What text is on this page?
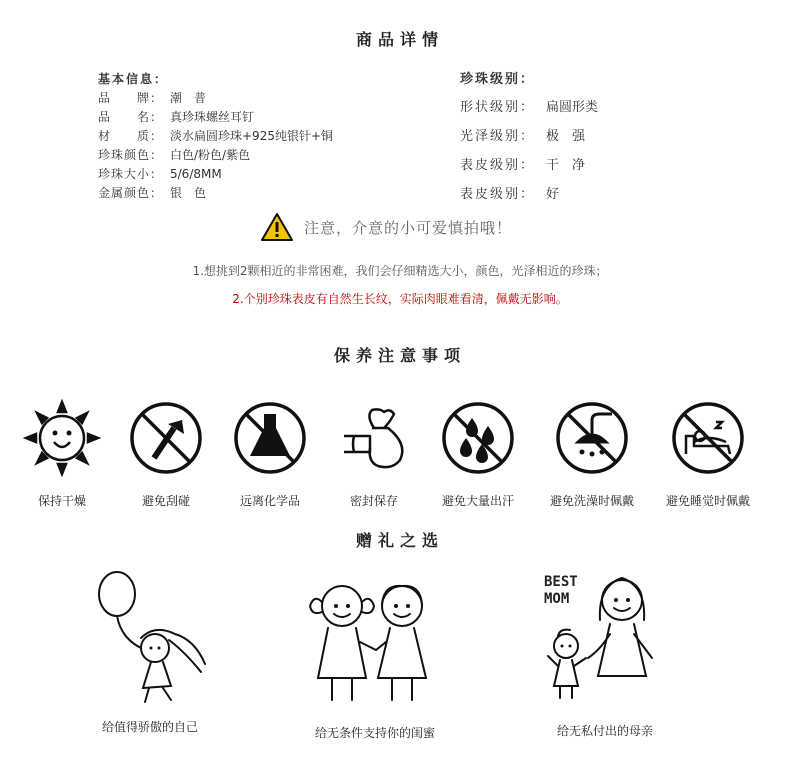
商品详情
基本信息：
品　　牌： 潮　普
品　　名： 真珍珠螺丝耳钉
材　　质： 淡水扁圆珍珠+925纯银针+铜
珍珠颜色： 白色/粉色/紫色
珍珠大小： 5/6/8MM
金属颜色： 银　色
珍珠级别：
形状级别： 扁圆形类
光泽级别： 极　强
表皮级别： 干　净
表皮级别： 好
注意，介意的小可爱慎拍哦！
1.想挑到2颗相近的非常困难，我们会仔细精选大小，颜色，光泽相近的珍珠；
2.个别珍珠表皮有自然生长纹，实际肉眼难看清，佩戴无影响。
保养注意事项
保持干燥	避免刮碰	远离化学品	密封保存	避免大量出汗	避免洗澡时佩戴	避免睡觉时佩戴
赠礼之选
给值得骄傲的自己	给无条件支持你的闺蜜
BEST
MOM
给无私付出的母亲
